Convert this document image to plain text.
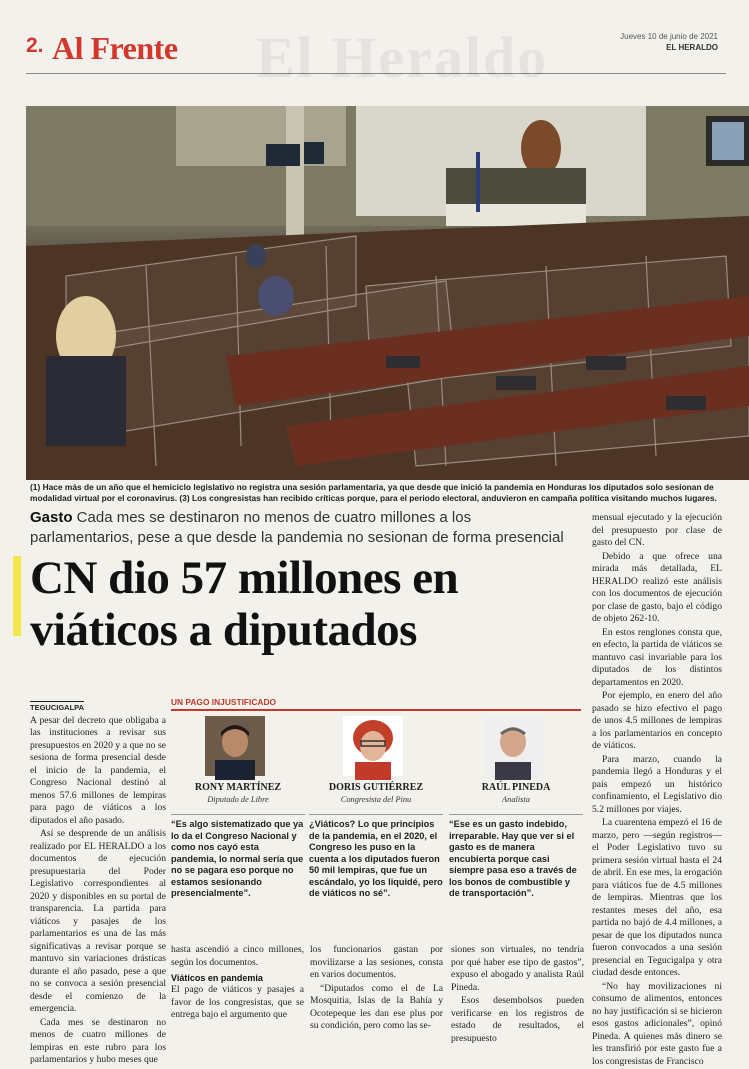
El Heraldo
2. Al Frente	Jueves 10 de junio de 2021
EL HERALDO
(1) Hace más de un año que el hemiciclo legislativo no registra una sesión parlamentaria, ya que desde que inició la pandemia en Honduras los diputados solo sesionan de modalidad virtual por el coronavirus. (3) Los congresistas han recibido críticas porque, para el periodo electoral, anduvieron en campaña política visitando muchos lugares.
Gasto Cada mes se destinaron no menos de cuatro millones a los parlamentarios, pese a que desde la pandemia no sesionan de forma presencial
CN dio 57 millones en viáticos a diputados
TEGUCIGALPA

A pesar del decreto que obligaba a las instituciones a revisar sus presupuestos en 2020 y a que no se sesiona de forma presencial desde el inicio de la pandemia, el Congreso Nacional destinó al menos 57.6 millones de lempiras para pago de viáticos a los diputados el año pasado.

Así se desprende de un análisis realizado por EL HERALDO a los documentos de ejecución presupuestaria del Poder Legislativo correspondientes al 2020 y disponibles en su portal de transparencia. La partida para viáticos y pasajes de los parlamentarios es una de las más significativas a revisar porque se mantuvo sin variaciones drásticas durante el año pasado, pese a que no se convoca a sesión presencial desde el comienzo de la emergencia.

Cada mes se destinaron no menos de cuatro millones de lempiras en este rubro para los parlamentarios y hubo meses que

UN PAGO INJUSTIFICADO
RONY MARTÍNEZ
Diputado de Libre
“Es algo sistematizado que ya lo da el Congreso Nacional y como nos cayó esta pandemia, lo normal sería que no se pagara eso porque no estamos sesionando presencialmente”.
DORIS GUTIÉRREZ
Congresista del Pinu
¿Viáticos? Lo que principios de la pandemia, en el 2020, el Congreso les puso en la cuenta a los diputados fueron 50 mil lempiras, que fue un escándalo, yo los liquidé, pero de viáticos no sé”.
RAÚL PINEDA
Analista
“Ese es un gasto indebido, irreparable. Hay que ver si el gasto es de manera encubierta porque casi siempre pasa eso a través de los bonos de combustible y de transportación”.

hasta ascendió a cinco millones, según los documentos.

Viáticos en pandemia

El pago de viáticos y pasajes a favor de los congresistas, que se entrega bajo el argumento que

los funcionarios gastan por movilizarse a las sesiones, consta en varios documentos.

“Diputados como el de La Mosquitia, Islas de la Bahía y Ocotepeque les dan ese plus por su condición, pero como las se-

siones son virtuales, no tendría por qué haber ese tipo de gastos”, expuso el abogado y analista Raúl Pineda.

Esos desembolsos pueden verificarse en los registros de estado de resultados, el presupuesto

mensual ejecutado y la ejecución del presupuesto por clase de gasto del CN.

Debido a que ofrece una mirada más detallada, EL HERALDO realizó este análisis con los documentos de ejecución por clase de gasto, bajo el código de objeto 262-10.

En estos renglones consta que, en efecto, la partida de viáticos se mantuvo casi invariable para los diputados de los distintos departamentos en 2020.

Por ejemplo, en enero del año pasado se hizo efectivo el pago de unos 4.5 millones de lempiras a los parlamentarios en concepto de viáticos.

Para marzo, cuando la pandemia llegó a Honduras y el país empezó un histórico confinamiento, el Legislativo dio 5.2 millones por viajes.

La cuarentena empezó el 16 de marzo, pero —según registros— el Poder Legislativo tuvo su primera sesión virtual hasta el 24 de abril. En ese mes, la erogación para viáticos fue de 4.5 millones de lempiras. Mientras que los restantes meses del año, esa partida no bajó de 4.4 millones, a pesar de que los diputados nunca fueron convocados a una sesión presencial en Tegucigalpa y otra ciudad desde entonces.

“No hay movilizaciones ni consumo de alimentos, entonces no hay justificación si se hicieron esos gastos adicionales”, opinó Pineda. A quienes más dinero se les transfirió por este gasto fue a los congresistas de Francisco
